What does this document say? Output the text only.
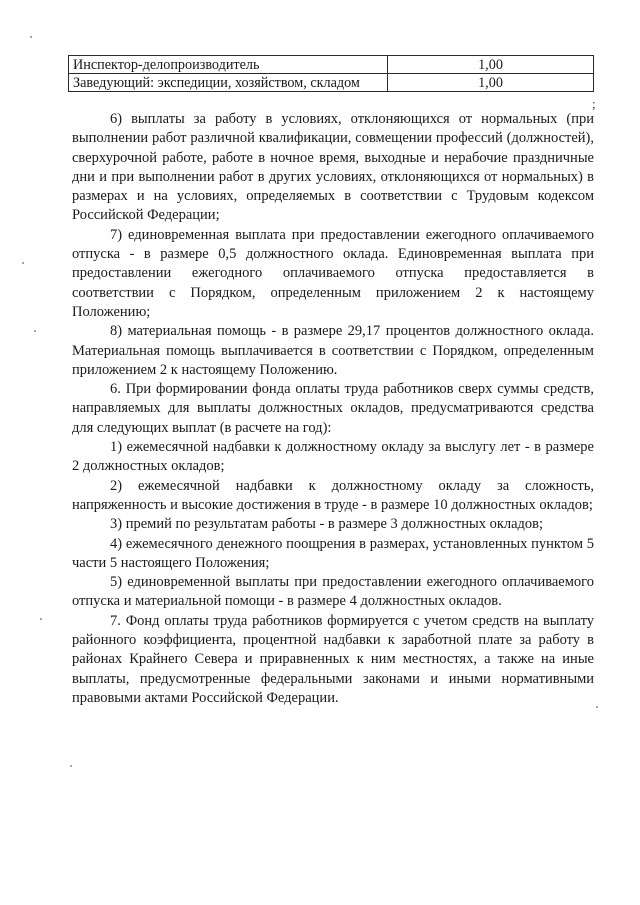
Инспектор-делопроизводитель	1,00
Заведующий: экспедиции, хозяйством, складом	1,00
;

6) выплаты за работу в условиях, отклоняющихся от нормальных (при выполнении работ различной квалификации, совмещении профессий (должностей), сверхурочной работе, работе в ночное время, выходные и нерабочие праздничные дни и при выполнении работ в других условиях, отклоняющихся от нормальных) в размерах и на условиях, определяемых в соответствии с Трудовым кодексом Российской Федерации;

7) единовременная выплата при предоставлении ежегодного оплачиваемого отпуска - в размере 0,5 должностного оклада. Единовременная выплата при предоставлении ежегодного оплачиваемого отпуска предоставляется в соответствии с Порядком, определенным приложением 2 к настоящему Положению;

8) материальная помощь - в размере 29,17 процентов должностного оклада. Материальная помощь выплачивается в соответствии с Порядком, определенным приложением 2 к настоящему Положению.

6. При формировании фонда оплаты труда работников сверх суммы средств, направляемых для выплаты должностных окладов, предусматриваются средства для следующих выплат (в расчете на год):

1) ежемесячной надбавки к должностному окладу за выслугу лет - в размере 2 должностных окладов;

2) ежемесячной надбавки к должностному окладу за сложность, напряженность и высокие достижения в труде - в размере 10 должностных окладов;

3) премий по результатам работы - в размере 3 должностных окладов;

4) ежемесячного денежного поощрения в размерах, установленных пунктом 5 части 5 настоящего Положения;

5) единовременной выплаты при предоставлении ежегодного оплачиваемого отпуска и материальной помощи - в размере 4 должностных окладов.

7. Фонд оплаты труда работников формируется с учетом средств на выплату районного коэффициента, процентной надбавки к заработной плате за работу в районах Крайнего Севера и приравненных к ним местностях, а также на иные выплаты, предусмотренные федеральными законами и иными нормативными правовыми актами Российской Федерации.
